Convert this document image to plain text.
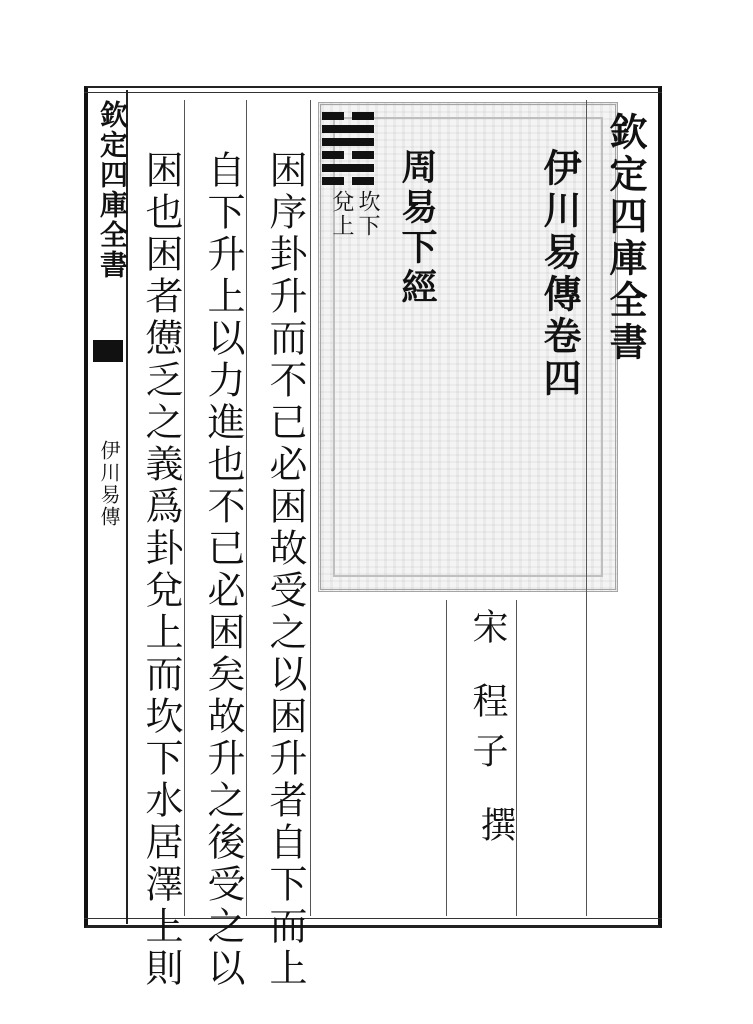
欽定四庫全書
伊川易傳
欽定四庫全書
伊川易傳卷四
周易下經
坎下
兌上
宋
程子
撰
困序卦升而不已必困故受之以困升者自下而上
自下升上以力進也不已必困矣故升之後受之以
困也困者憊乏之義爲卦兌上而坎下水居澤上則
